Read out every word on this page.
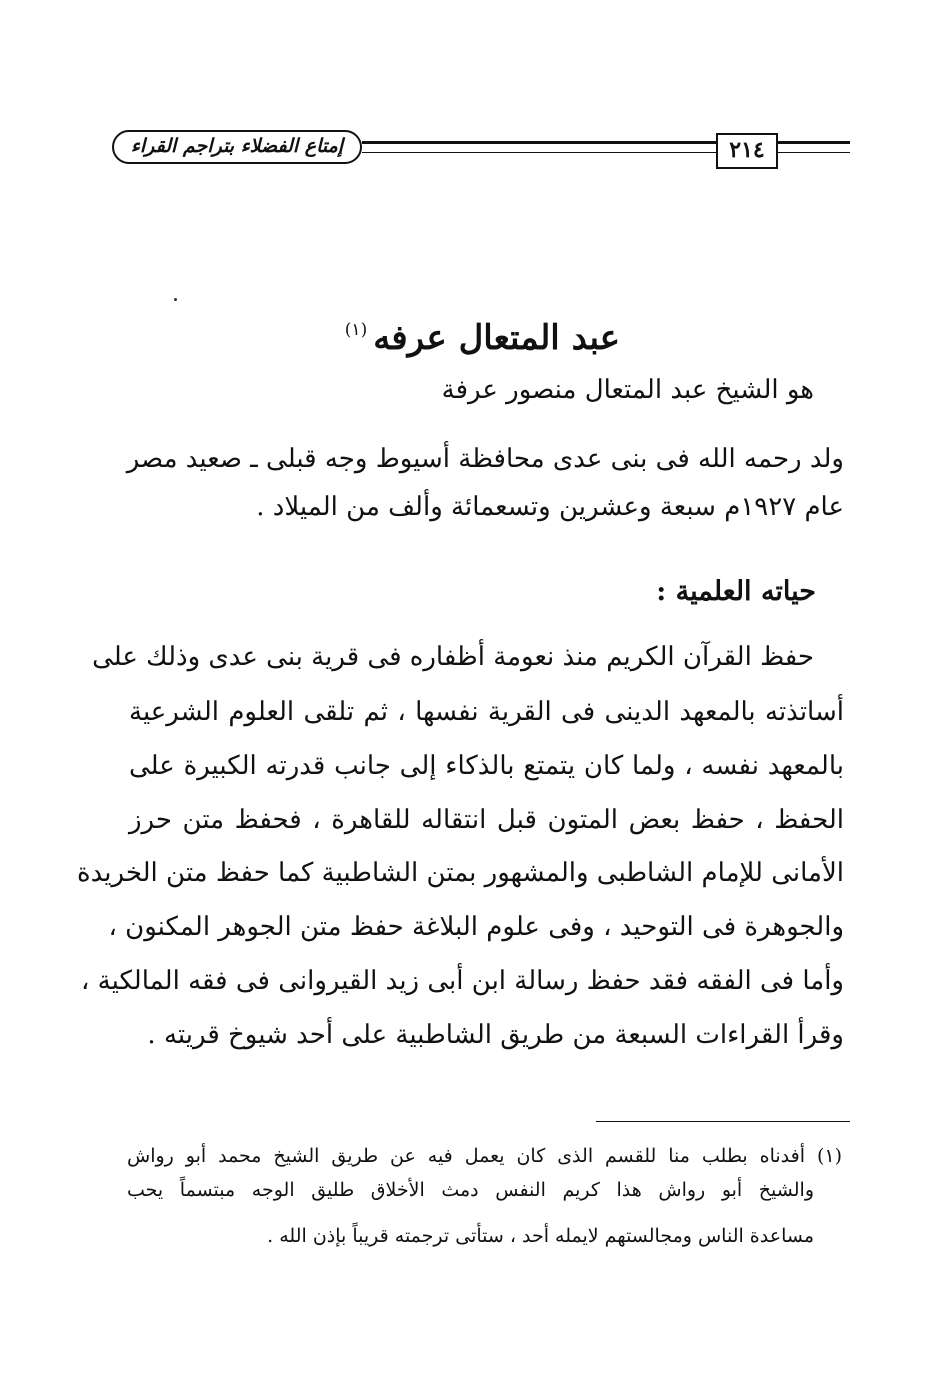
إمتاع الفضلاء بتراجم القراء	٢١٤
عبد المتعال عرفه$^{(١)}$
هو الشيخ عبد المتعال منصور عرفة
ولد رحمه الله فى بنى عدى محافظة أسيوط وجه قبلى ـ صعيد مصر
عام ١٩٢٧م سبعة وعشرين وتسعمائة وألف من الميلاد .
حياته العلمية :
حفظ القرآن الكريم منذ نعومة أظفاره فى قرية بنى عدى وذلك على
أساتذته بالمعهد الدينى فى القرية نفسها ، ثم تلقى العلوم الشرعية
بالمعهد نفسه ، ولما كان يتمتع بالذكاء إلى جانب قدرته الكبيرة على
الحفظ ، حفظ بعض المتون قبل انتقاله للقاهرة ، فحفظ متن حرز
الأمانى للإمام الشاطبى والمشهور بمتن الشاطبية كما حفظ متن الخريدة
والجوهرة فى التوحيد ، وفى علوم البلاغة حفظ متن الجوهر المكنون ،
وأما فى الفقه فقد حفظ رسالة ابن أبى زيد القيروانى فى فقه المالكية ،
وقرأ القراءات السبعة من طريق الشاطبية على أحد شيوخ قريته .
(١) أفدناه بطلب منا للقسم الذى كان يعمل فيه عن طريق الشيخ محمد أبو رواش
والشيخ أبو رواش هذا كريم النفس دمث الأخلاق طليق الوجه مبتسماً يحب
مساعدة الناس ومجالستهم لايمله أحد ، ستأتى ترجمته قريباً بإذن الله .
